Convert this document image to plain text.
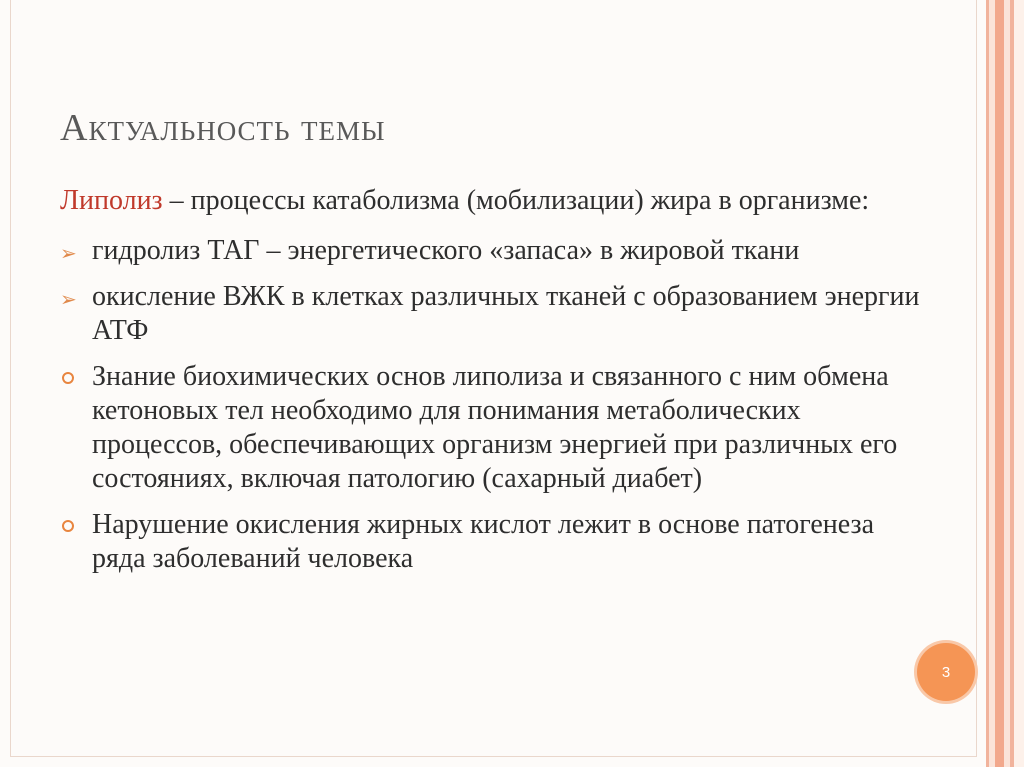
Актуальность темы

Липолиз – процессы катаболизма (мобилизации) жира в организме:

➢ гидролиз ТАГ – энергетического «запаса» в жировой ткани
➢ окисление ВЖК в клетках различных тканей с образованием энергии АТФ
Знание биохимических основ липолиза и связанного с ним обмена кетоновых тел необходимо для понимания метаболических процессов, обеспечивающих организм энергией при различных его состояниях, включая патологию (сахарный диабет)
Нарушение окисления жирных кислот лежит в основе патогенеза ряда заболеваний человека
3
